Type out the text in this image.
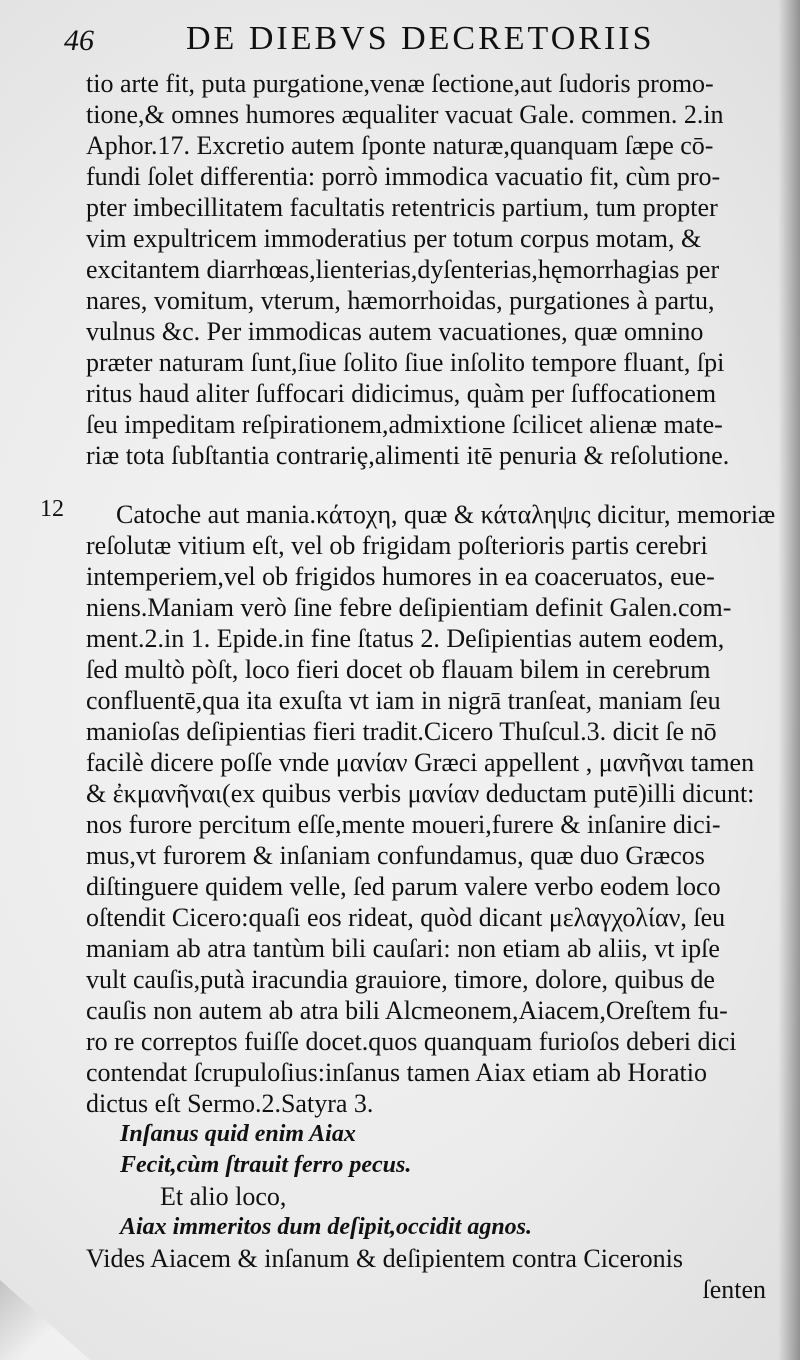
46	DE DIEBVS DECRETORIIS
12
tio arte fit, puta purgatione,venæ ſectione,aut ſudoris promo-
tione,& omnes humores æqualiter vacuat Gale. commen. 2.in
Aphor.17. Excretio autem ſponte naturæ,quanquam ſæpe cō-
fundi ſolet differentia: porrò immodica vacuatio fit, cùm pro-
pter imbecillitatem facultatis retentricis partium, tum propter
vim expultricem immoderatius per totum corpus motam, &
excitantem diarrhœas,lienterias,dyſenterias,hęmorrhagias per
nares, vomitum, vterum, hæmorrhoidas, purgationes à partu,
vulnus &c. Per immodicas autem vacuationes, quæ omnino
præter naturam ſunt,ſiue ſolito ſiue inſolito tempore fluant, ſpi
ritus haud aliter ſuffocari didicimus, quàm per ſuffocationem
ſeu impeditam reſpirationem,admixtione ſcilicet alienæ mate-
riæ tota ſubſtantia contrariȩ,alimenti itē penuria & reſolutione.
Catoche aut mania.κάτοχη, quæ & κάταληψις dicitur, memoriæ
reſolutæ vitium eſt, vel ob frigidam poſterioris partis cerebri
intemperiem,vel ob frigidos humores in ea coaceruatos, eue-
niens.Maniam verò ſine febre deſipientiam definit Galen.com-
ment.2.in 1. Epide.in fine ſtatus 2. Deſipientias autem eodem,
ſed multò pòſt, loco fieri docet ob flauam bilem in cerebrum
confluentē,qua ita exuſta vt iam in nigrā tranſeat, maniam ſeu
manioſas deſipientias fieri tradit.Cicero Thuſcul.3. dicit ſe nō
facilè dicere poſſe vnde μανίαν Græci appellent , μανῆναι tamen
& ἐκμανῆναι(ex quibus verbis μανίαν deductam putē)illi dicunt:
nos furore percitum eſſe,mente moueri,furere & inſanire dici-
mus,vt furorem & inſaniam confundamus, quæ duo Græcos
diſtinguere quidem velle, ſed parum valere verbo eodem loco
oſtendit Cicero:quaſi eos rideat, quòd dicant μελαγχολίαν, ſeu
maniam ab atra tantùm bili cauſari: non etiam ab aliis, vt ipſe
vult cauſis,putà iracundia grauiore, timore, dolore, quibus de
cauſis non autem ab atra bili Alcmeonem,Aiacem,Oreſtem fu-
ro re correptos fuiſſe docet.quos quanquam furioſos deberi dici
contendat ſcrupuloſius:inſanus tamen Aiax etiam ab Horatio
dictus eſt Sermo.2.Satyra 3.
Inſanus quid enim Aiax
Fecit,cùm ſtrauit ferro pecus.
Et alio loco,
Aiax immeritos dum deſipit,occidit agnos.
Vides Aiacem & inſanum & deſipientem contra Ciceronis
ſenten
